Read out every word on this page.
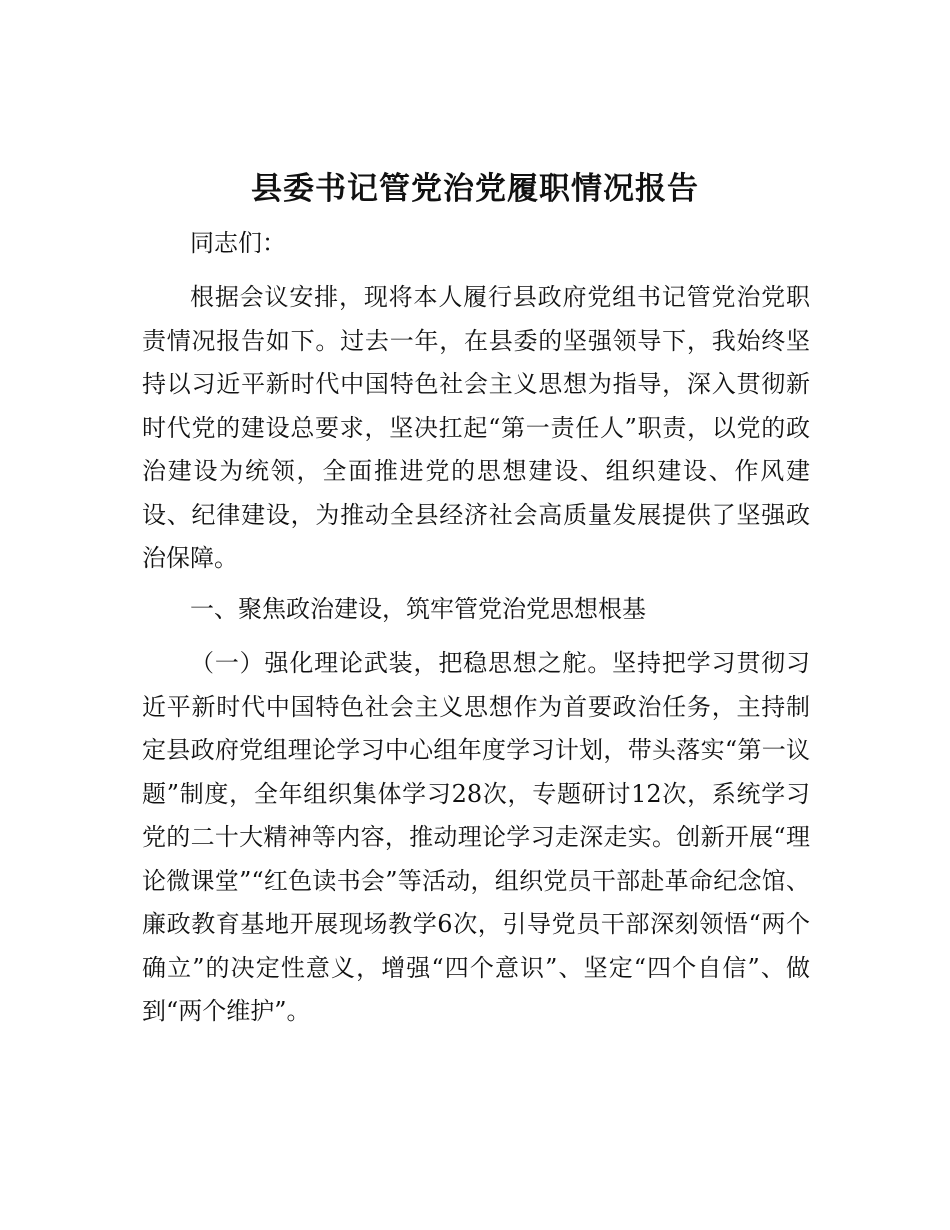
县委书记管党治党履职情况报告

同志们：

根据会议安排，现将本人履行县政府党组书记管党治党职责情况报告如下。过去一年，在县委的坚强领导下，我始终坚持以习近平新时代中国特色社会主义思想为指导，深入贯彻新时代党的建设总要求，坚决扛起“第一责任人”职责，以党的政治建设为统领，全面推进党的思想建设、组织建设、作风建设、纪律建设，为推动全县经济社会高质量发展提供了坚强政治保障。

一、聚焦政治建设，筑牢管党治党思想根基

（一）强化理论武装，把稳思想之舵。坚持把学习贯彻习近平新时代中国特色社会主义思想作为首要政治任务，主持制定县政府党组理论学习中心组年度学习计划，带头落实“第一议题”制度，全年组织集体学习28次，专题研讨12次，系统学习党的二十大精神等内容，推动理论学习走深走实。创新开展“理论微课堂”“红色读书会”等活动，组织党员干部赴革命纪念馆、廉政教育基地开展现场教学6次，引导党员干部深刻领悟“两个确立”的决定性意义，增强“四个意识”、坚定“四个自信”、做到“两个维护”。
